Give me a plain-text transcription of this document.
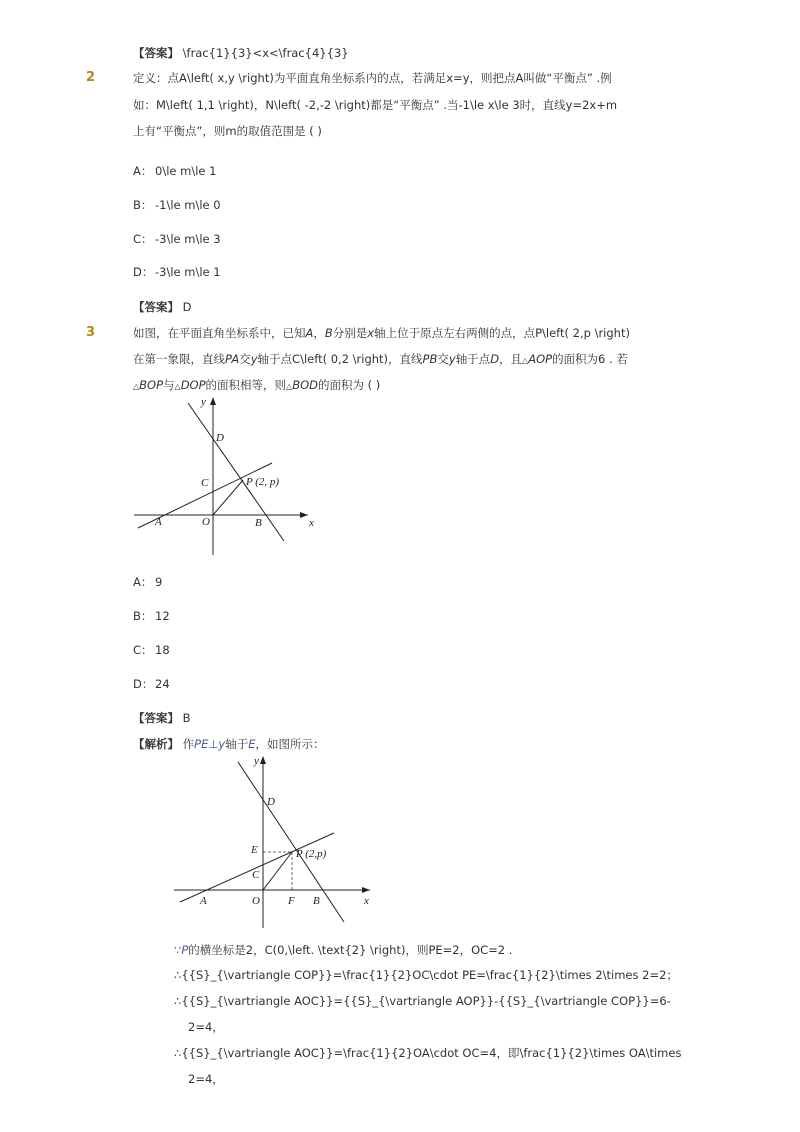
【答案】 \frac{1}{3}<x<\frac{4}{3}
2	定义：点A\left( x,y \right)为平面直角坐标系内的点，若满足x=y，则把点A叫做“平衡点” .例
如：M\left( 1,1 \right)，N\left( -2,-2 \right)都是“平衡点” .当-1\le x\le 3时，直线y=2x+m
上有“平衡点”，则m的取值范围是 ( )
A： 0\le m\le 1
B： -1\le m\le 0
C： -3\le m\le 3
D： -3\le m\le 1
【答案】 D
3	如图，在平面直角坐标系中，已知A，B分别是x轴上位于原点左右两侧的点，点P\left( 2,p \right)
在第一象限，直线PA交y轴于点C\left( 0,2 \right)，直线PB交y轴于点D，且△AOP的面积为6 . 若
△BOP与△DOP的面积相等，则△BOD的面积为 ( )
y
x
D
C	P (2, p)
A	O	B
A： 9
B： 12
C： 18
D： 24
【答案】 B
【解析】 作PE⊥y轴于E，如图所示：
y
x
D
E
C
P (2,p)
A	O	F B
∵P的横坐标是2，C(0,\left. \text{2} \right)，则PE=2，OC=2 .
∴{{S}_{\vartriangle COP}}=\frac{1}{2}OC\cdot PE=\frac{1}{2}\times 2\times 2=2；
∴{{S}_{\vartriangle AOC}}={{S}_{\vartriangle AOP}}-{{S}_{\vartriangle COP}}=6-
2=4，
∴{{S}_{\vartriangle AOC}}=\frac{1}{2}OA\cdot OC=4，即\frac{1}{2}\times OA\times
2=4，
